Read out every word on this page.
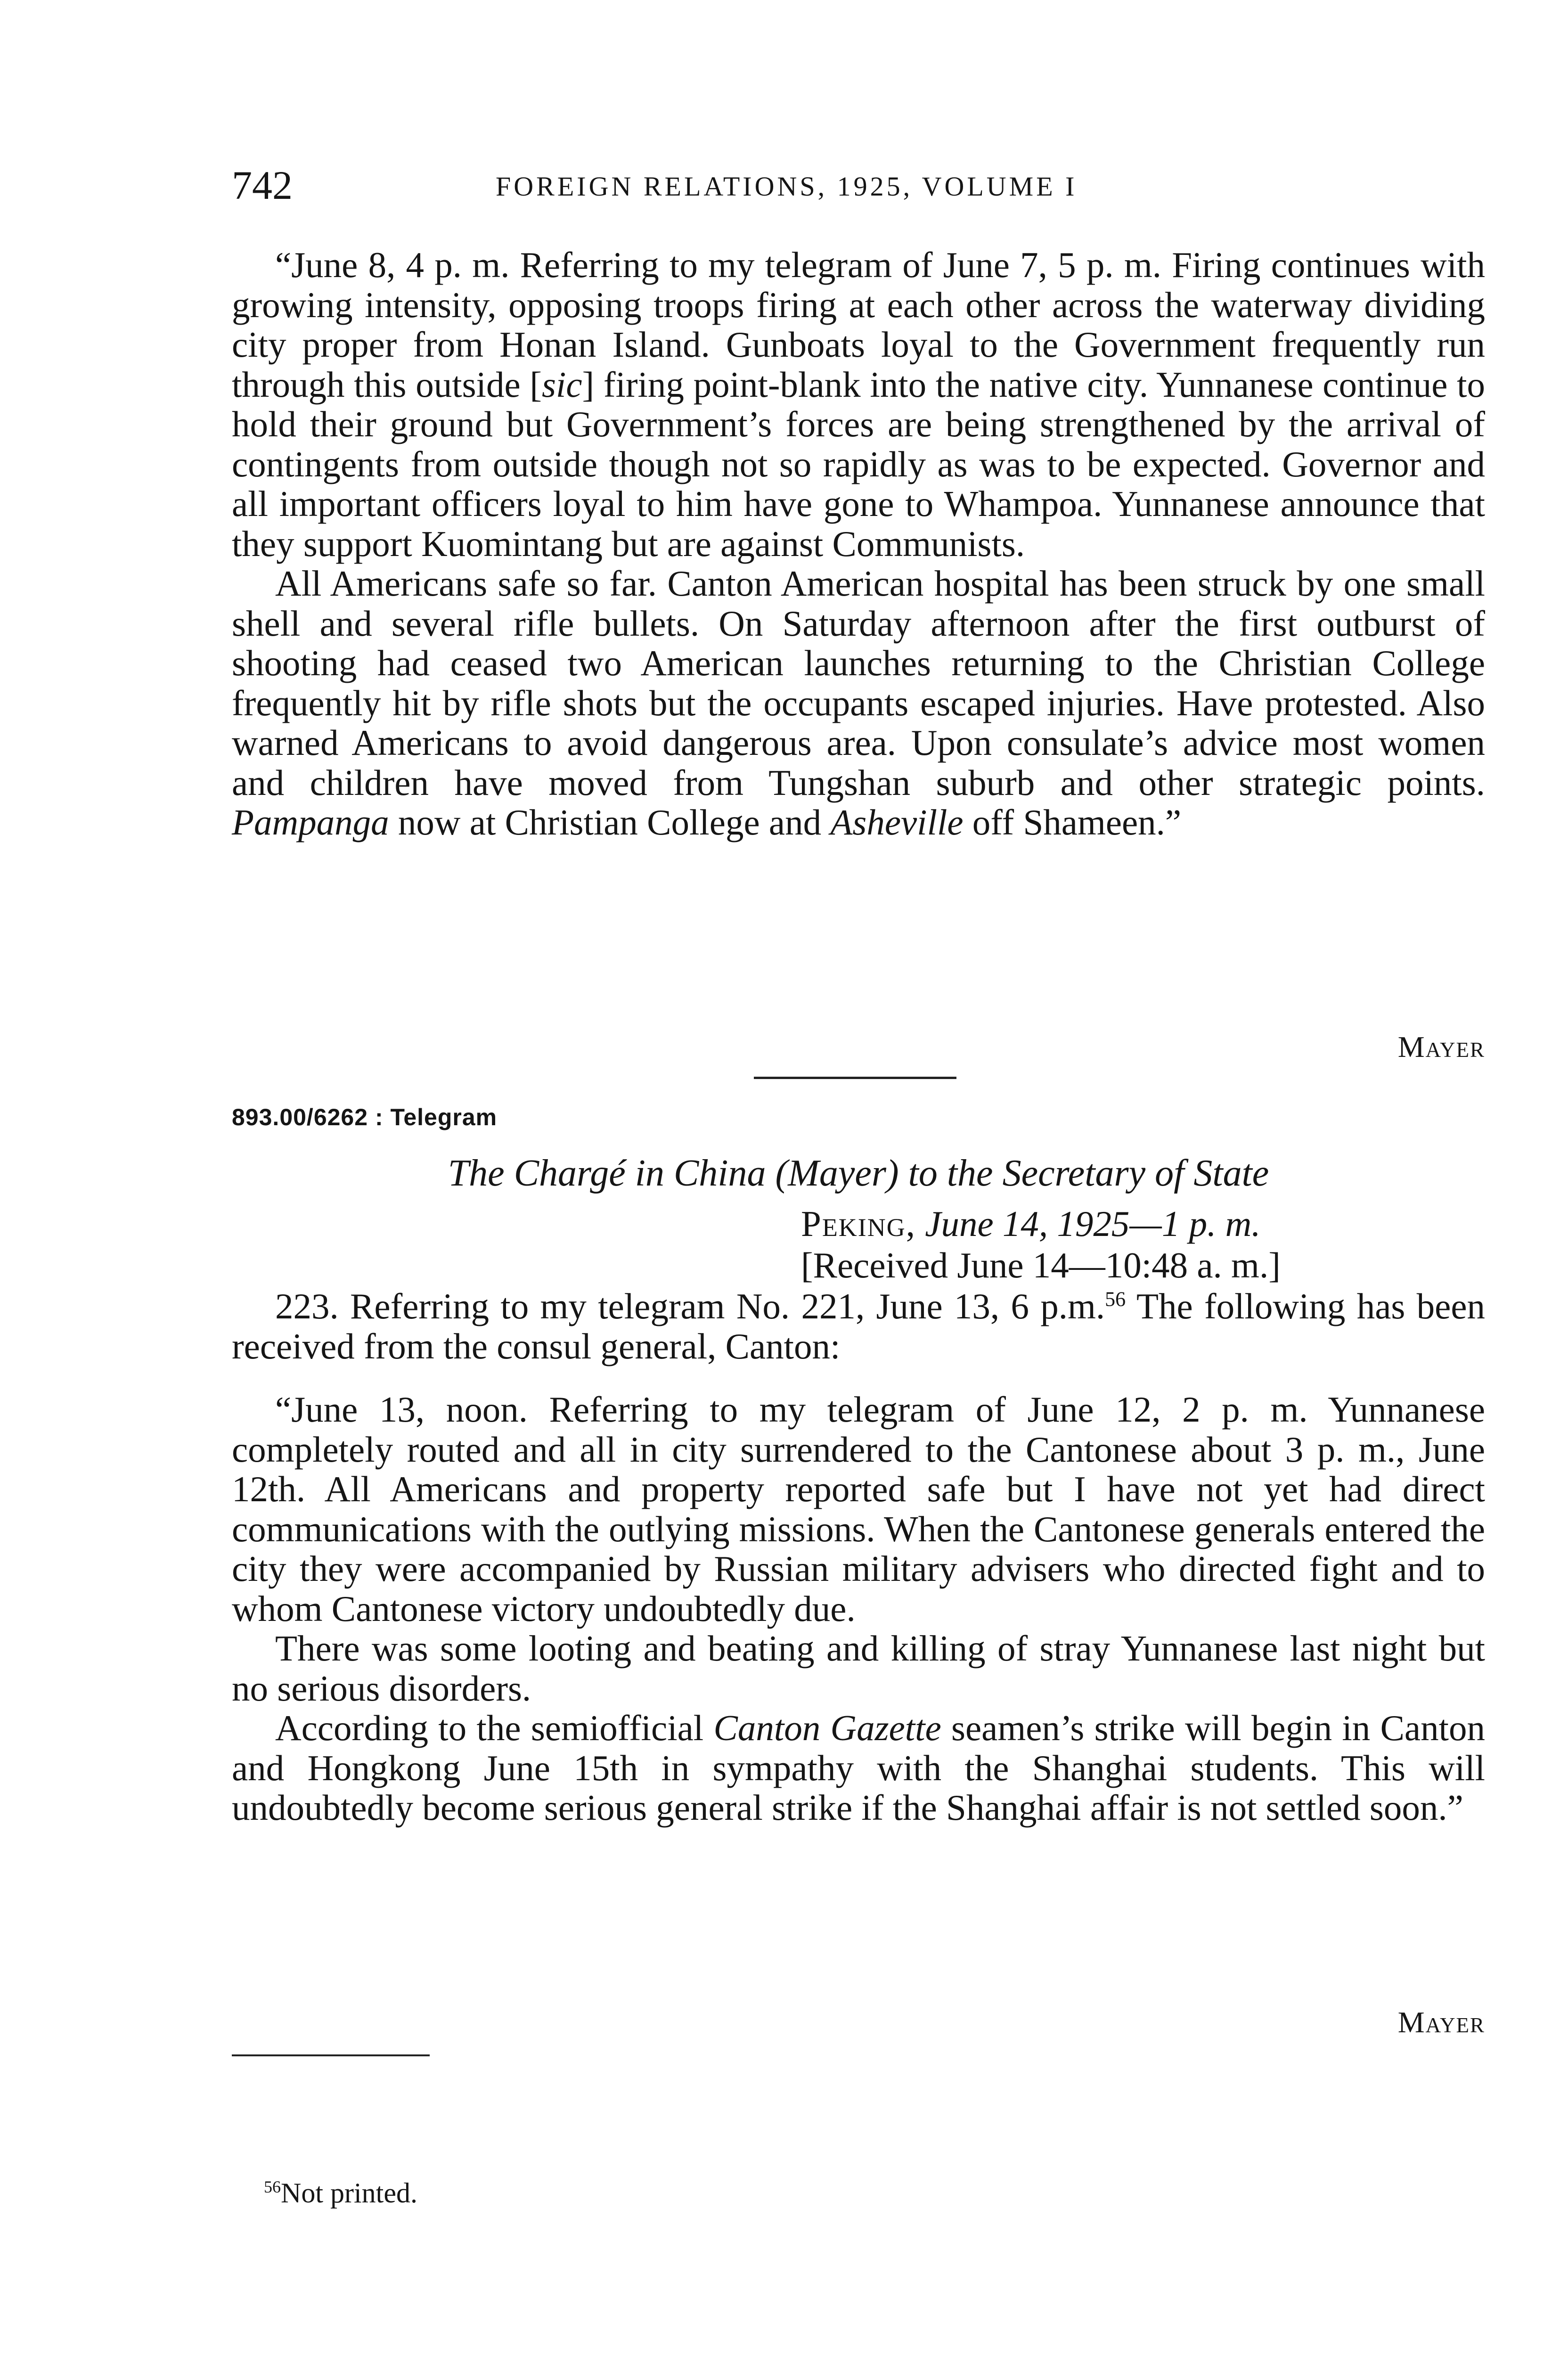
742	FOREIGN RELATIONS, 1925, VOLUME I

“June 8, 4 p. m. Referring to my telegram of June 7, 5 p. m. Firing continues with growing intensity, opposing troops firing at each other across the waterway dividing city proper from Honan Island. Gunboats loyal to the Government frequently run through this outside [sic] firing point-blank into the native city. Yunnanese continue to hold their ground but Government’s forces are being strengthened by the arrival of contingents from outside though not so rapidly as was to be expected. Governor and all important officers loyal to him have gone to Whampoa. Yunnanese announce that they support Kuomintang but are against Communists.

All Americans safe so far. Canton American hospital has been struck by one small shell and several rifle bullets. On Saturday afternoon after the first outburst of shooting had ceased two American launches returning to the Christian College frequently hit by rifle shots but the occupants escaped injuries. Have protested. Also warned Americans to avoid dangerous area. Upon consulate’s advice most women and children have moved from Tungshan suburb and other strategic points. Pampanga now at Christian College and Asheville off Shameen.”

Mayer
893.00/6262 : Telegram
The Chargé in China (Mayer) to the Secretary of State
Peking, June 14, 1925—1 p. m.
[Received June 14—10:48 a. m.]

223. Referring to my telegram No. 221, June 13, 6 p.m.$^{56}$ The following has been received from the consul general, Canton:

“June 13, noon. Referring to my telegram of June 12, 2 p. m. Yunnanese completely routed and all in city surrendered to the Cantonese about 3 p. m., June 12th. All Americans and property reported safe but I have not yet had direct communications with the outlying missions. When the Cantonese generals entered the city they were accompanied by Russian military advisers who directed fight and to whom Cantonese victory undoubtedly due.

There was some looting and beating and killing of stray Yunnanese last night but no serious disorders.

According to the semiofficial Canton Gazette seamen’s strike will begin in Canton and Hongkong June 15th in sympathy with the Shanghai students. This will undoubtedly become serious general strike if the Shanghai affair is not settled soon.”

Mayer
$^{56}$Not printed.
